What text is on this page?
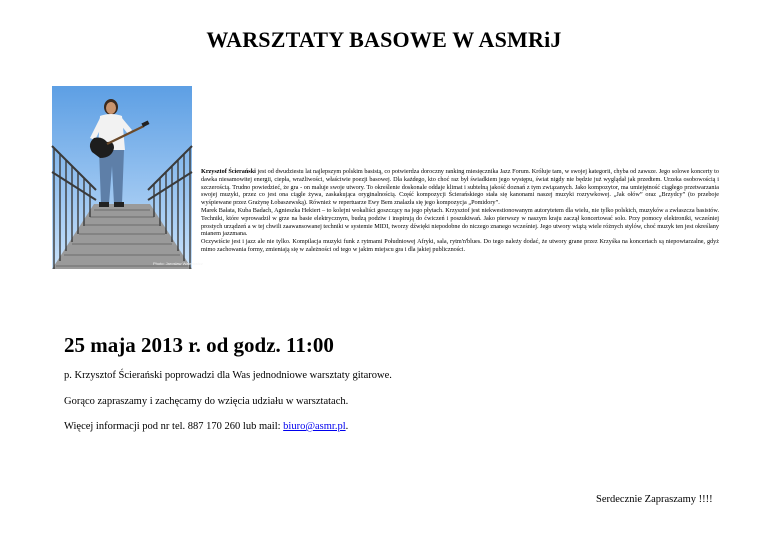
WARSZTATY BASOWE W ASMRiJ
Photo: Jarosław Walerowicz

Krzysztof Ścierański jest od dwudziestu lat najlepszym polskim basistą, co potwierdza doroczny ranking miesięcznika Jazz Forum. Króluje tam, w swojej kategorii, chyba od zawsze. Jego solowe koncerty to dawka niesamowitej energii, ciepła, wrażliwości, właściwie poezji basowej. Dla każdego, kto choć raz był świadkiem jego występu, świat nigdy nie będzie już wyglądał jak przedtem. Urzeka osobowością i szczerością. Trudno powiedzieć, że gra - on maluje swoje utwory. To określenie doskonale oddaje klimat i subtelną jakość doznań z tym związanych. Jako kompozytor, ma umiejętność ciągłego przetwarzania swojej muzyki, przez co jest ona ciągle żywa, zaskakująca oryginalnością. Część kompozycji Ścierańskiego stała się kanonami naszej muzyki rozrywkowej. „Jak ołów” oraz „Brzydcy” (to przeboje wyśpiewane przez Grażynę Łobaszewską). Również w repertuarze Ewy Bem znalazła się jego kompozycja „Pomidory”.

Marek Bałata, Kuba Badach, Agnieszka Hekiert – to kolejni wokaliści goszczący na jego płytach. Krzysztof jest niekwestionowanym autorytetem dla wielu, nie tylko polskich, muzyków a zwłaszcza basistów. Techniki, które wprowadził w grze na basie elektrycznym, budzą podziw i inspirują do ćwiczeń i poszukiwań. Jako pierwszy w naszym kraju zaczął koncertować solo. Przy pomocy elektroniki, wcześniej prostych urządzeń a w tej chwili zaawansowanej techniki w systemie MIDI, tworzy dźwięki niepodobne do niczego znanego wcześniej. Jego utwory wiążą wiele różnych stylów, choć muzyk ten jest określany mianem jazzmana.

Oczywiście jest i jazz ale nie tylko. Kompilacja muzyki funk z rytmami Południowej Afryki, sala, rytm'n'blues. Do tego należy dodać, że utwory grane przez Krzyśka na koncertach są niepowtarzalne, gdyż mimo zachowania formy, zmieniają się w zależności od tego w jakim miejscu gra i dla jakiej publiczności.

25 maja 2013 r. od godz. 11:00

p. Krzysztof Ścierański poprowadzi dla Was jednodniowe warsztaty gitarowe.

Gorąco zapraszamy i zachęcamy do wzięcia udziału w warsztatach.

Więcej informacji pod nr tel. 887 170 260 lub mail: biuro@asmr.pl.

Serdecznie Zapraszamy !!!!
